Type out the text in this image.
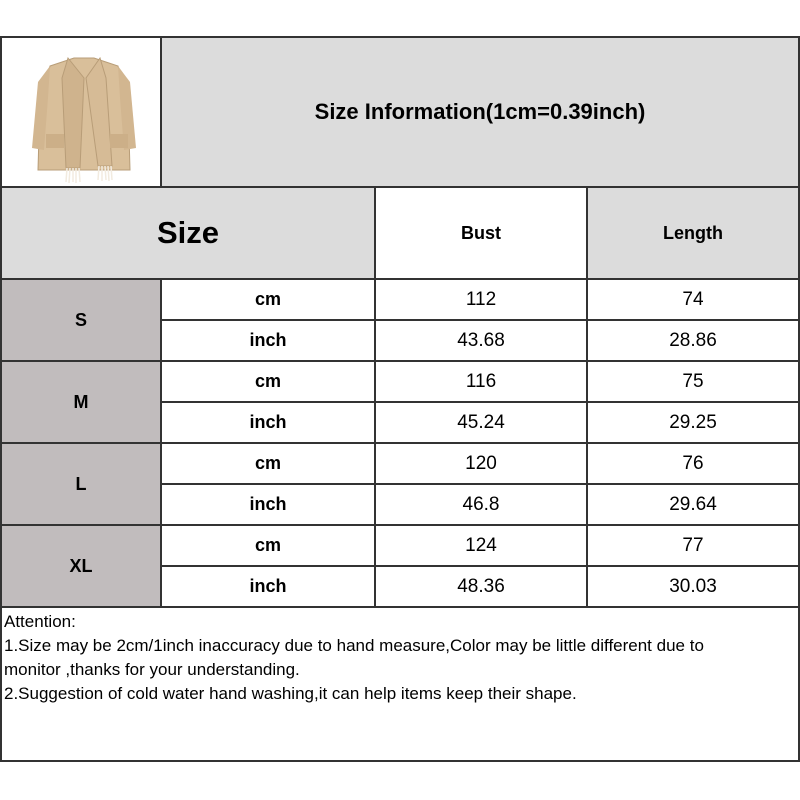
Size Information(1cm=0.39inch)
Size	Bust	Length
S
cm	112	74
inch	43.68	28.86
M
cm	116	75
inch	45.24	29.25
L
cm	120	76
inch	46.8	29.64
XL
cm	124	77
inch	48.36	30.03
Attention:
1.Size may be 2cm/1inch inaccuracy due to hand measure,Color may be little different due to
monitor ,thanks for your understanding.
2.Suggestion of cold water hand washing,it can help items keep their shape.
